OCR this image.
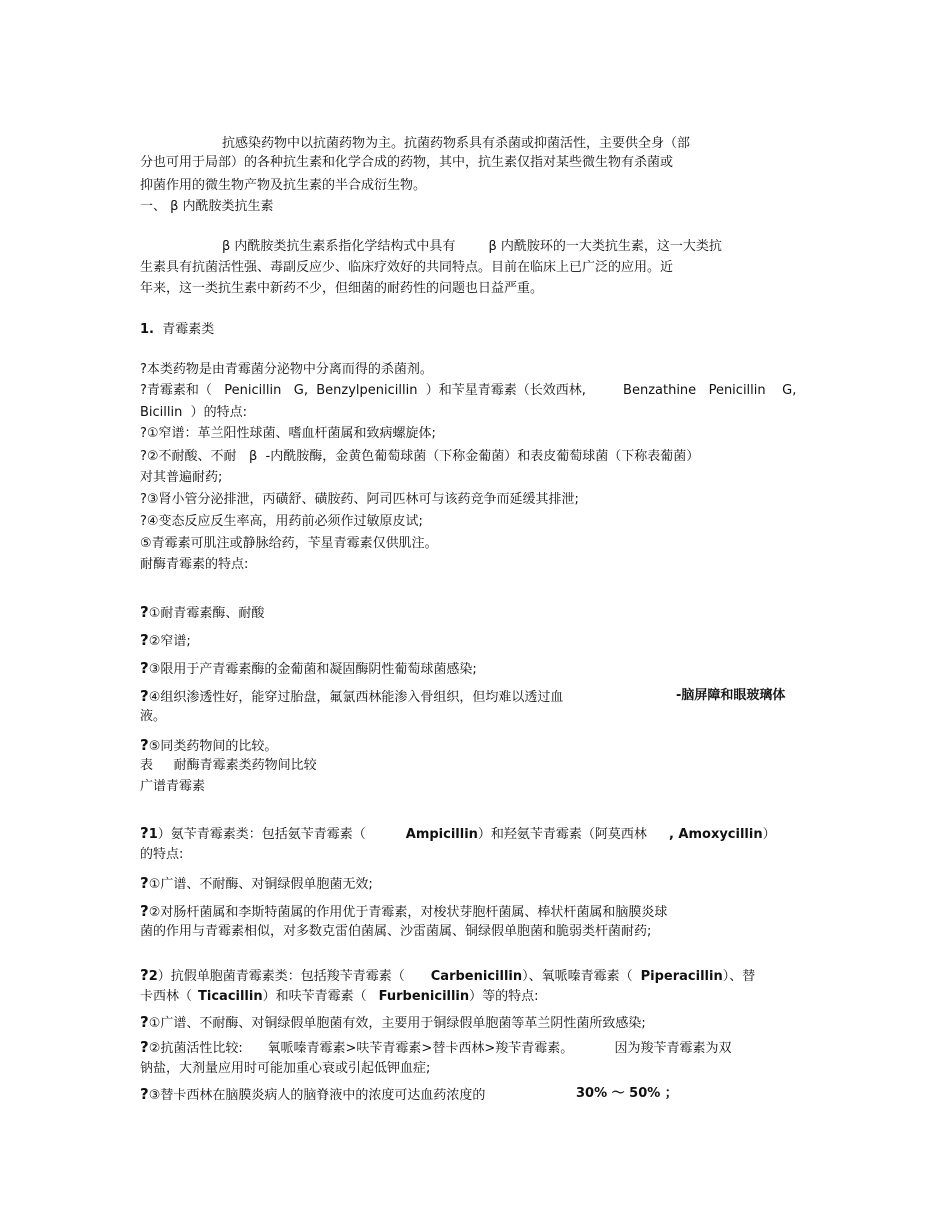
抗感染药物中以抗菌药物为主。抗菌药物系具有杀菌或抑菌活性，主要供全身（部
分也可用于局部）的各种抗生素和化学合成的药物，其中，抗生素仅指对某些微生物有杀菌或
抑菌作用的微生物产物及抗生素的半合成衍生物。
一、 β 内酰胺类抗生素
β 内酰胺类抗生素系指化学结构式中具有        β 内酰胺环的一大类抗生素，这一大类抗
生素具有抗菌活性强、毒副反应少、临床疗效好的共同特点。目前在临床上已广泛的应用。近
年来，这一类抗生素中新药不少，但细菌的耐药性的问题也日益严重。
1.  青霉素类
?本类药物是由青霉菌分泌物中分离而得的杀菌剂。
?青霉素和（   Penicillin   G,  Benzylpenicillin  ）和苄星青霉素（长效西林,         Benzathine   Penicillin    G,
Bicillin  ）的特点:
?①窄谱：革兰阳性球菌、嗜血杆菌属和致病螺旋体;
?②不耐酸、不耐   β  -内酰胺酶，金黄色葡萄球菌（下称金葡菌）和表皮葡萄球菌（下称表葡菌）
对其普遍耐药;
?③肾小管分泌排泄，丙磺舒、磺胺药、阿司匹林可与该药竞争而延缓其排泄;
?④变态反应反生率高，用药前必须作过敏原皮试;
⑤青霉素可肌注或静脉给药，苄星青霉素仅供肌注。
耐酶青霉素的特点:
?①耐青霉素酶、耐酸
?②窄谱;
?③限用于产青霉素酶的金葡菌和凝固酶阴性葡萄球菌感染;
?④组织渗透性好，能穿过胎盘，氟氯西林能渗入骨组织，但均难以透过血	-脑屏障和眼玻璃体
液。
?⑤同类药物间的比较。
表     耐酶青霉素类药物间比较
广谱青霉素
?1）氨苄青霉素类：包括氨苄青霉素（	Ampicillin）和羟氨苄青霉素（阿莫西林 , Amoxycillin）
的特点:
?①广谱、不耐酶、对铜绿假单胞菌无效;
?②对肠杆菌属和李斯特菌属的作用优于青霉素，对梭状芽胞杆菌属、棒状杆菌属和脑膜炎球
菌的作用与青霉素相似，对多数克雷伯菌属、沙雷菌属、铜绿假单胞菌和脆弱类杆菌耐药;
?2）抗假单胞菌青霉素类：包括羧苄青霉素（ Carbenicillin）、氧哌嗪青霉素（ Piperacillin）、替
卡西林（ Ticacillin）和呋苄青霉素（ Furbenicillin）等的特点:
?①广谱、不耐酶、对铜绿假单胞菌有效，主要用于铜绿假单胞菌等革兰阴性菌所致感染;
?②抗菌活性比较:      氧哌嗪青霉素>呋苄青霉素>替卡西林>羧苄青霉素。          因为羧苄青霉素为双
钠盐，大剂量应用时可能加重心衰或引起低钾血症;
?③替卡西林在脑膜炎病人的脑脊液中的浓度可达血药浓度的	30% ～ 50% ；
